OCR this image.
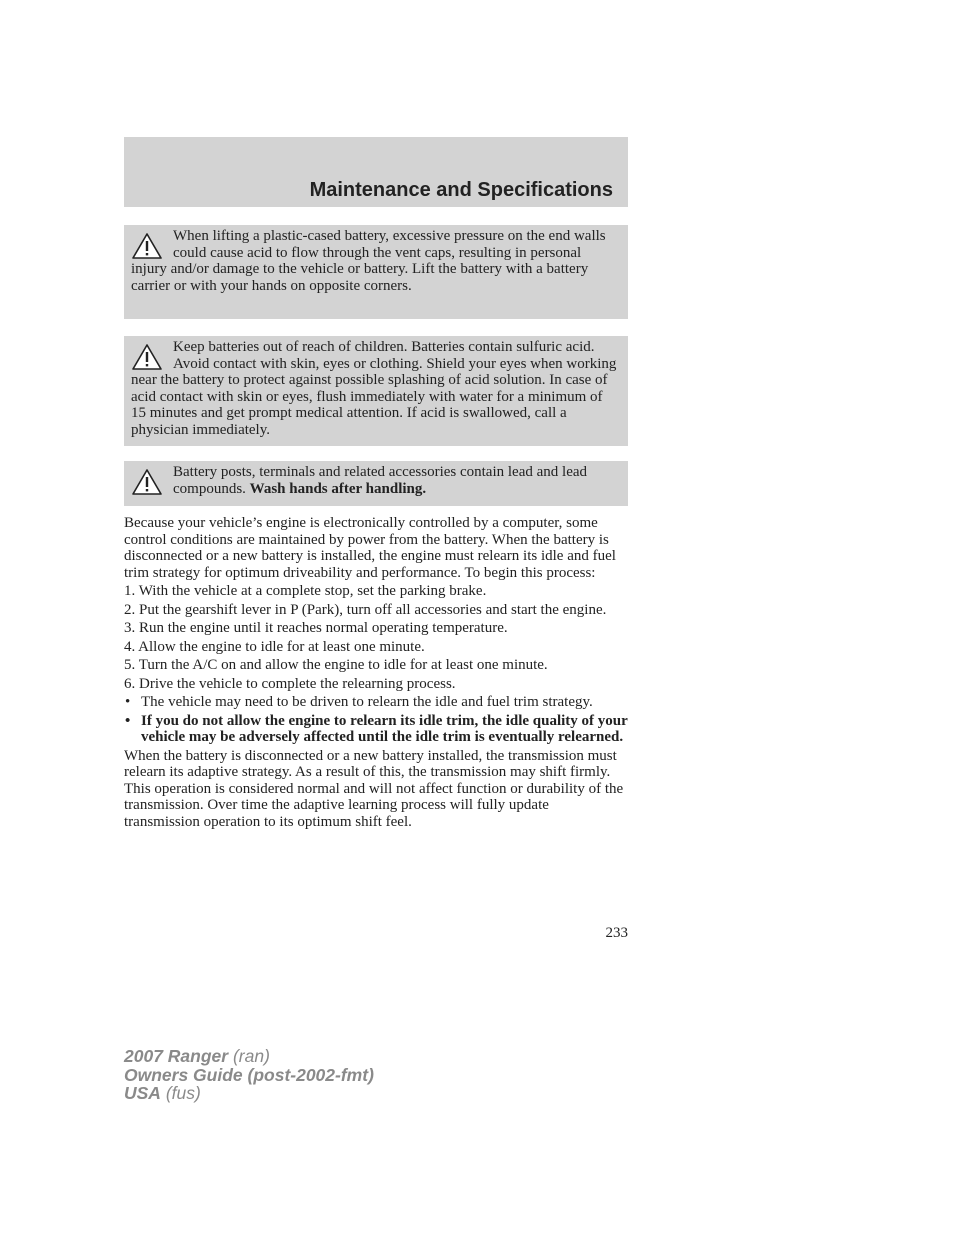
Maintenance and Specifications

When lifting a plastic-cased battery, excessive pressure on the end walls could cause acid to flow through the vent caps, resulting in personal injury and/or damage to the vehicle or battery. Lift the battery with a battery carrier or with your hands on opposite corners.

Keep batteries out of reach of children. Batteries contain sulfuric acid. Avoid contact with skin, eyes or clothing. Shield your eyes when working near the battery to protect against possible splashing of acid solution. In case of acid contact with skin or eyes, flush immediately with water for a minimum of 15 minutes and get prompt medical attention. If acid is swallowed, call a physician immediately.

Battery posts, terminals and related accessories contain lead and lead compounds. Wash hands after handling.

Because your vehicle’s engine is electronically controlled by a computer, some control conditions are maintained by power from the battery. When the battery is disconnected or a new battery is installed, the engine must relearn its idle and fuel trim strategy for optimum driveability and performance. To begin this process:

1. With the vehicle at a complete stop, set the parking brake.

2. Put the gearshift lever in P (Park), turn off all accessories and start the engine.

3. Run the engine until it reaches normal operating temperature.

4. Allow the engine to idle for at least one minute.

5. Turn the A/C on and allow the engine to idle for at least one minute.

6. Drive the vehicle to complete the relearning process.

• The vehicle may need to be driven to relearn the idle and fuel trim strategy.
• If you do not allow the engine to relearn its idle trim, the idle quality of your vehicle may be adversely affected until the idle trim is eventually relearned.

When the battery is disconnected or a new battery installed, the transmission must relearn its adaptive strategy. As a result of this, the transmission may shift firmly. This operation is considered normal and will not affect function or durability of the transmission. Over time the adaptive learning process will fully update transmission operation to its optimum shift feel.

233
2007 Ranger (ran)
Owners Guide (post-2002-fmt)
USA (fus)
